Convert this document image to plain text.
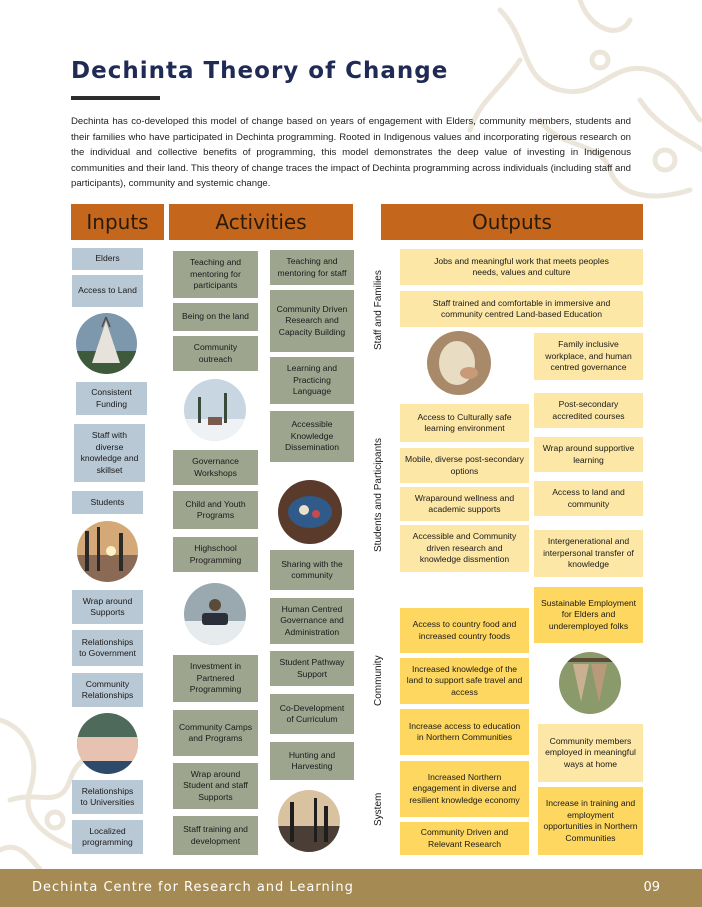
Dechinta Theory of Change

Dechinta has co-developed this model of change based on years of engagement with Elders, community members, students and their families who have participated in Dechinta programming. Rooted in Indigenous values and incorporating rigerous research on the individual and collective benefits of programming, this model demonstrates the deep value of investing in Indigenous communities and their land. This theory of change traces the impact of Dechinta programming across individuals (including staff and participants), community and systemic change.

Inputs	Activities	Outputs
Elders
Access to Land
Consistent Funding
Staff with diverse knowledge and skillset
Students
Wrap around Supports
Relationships to Government
Community Relationships
Relationships to Universities
Localized programming
Teaching and mentoring for participants
Being on the land
Community outreach
Governance Workshops
Child and Youth Programs
Highschool Programming
Investment in Partnered Programming
Community Camps and Programs
Wrap around Student and staff Supports
Staff training and development
Teaching and mentoring for staff
Community Driven Research and Capacity Building
Learning and Practicing Language
Accessible Knowledge Dissemination
Sharing with the community
Human Centred Governance and Administration
Student Pathway Support
Co-Development of Curriculum
Hunting and Harvesting
Staff and Families
Students and Participants
Community
System
Jobs and meaningful work that meets peoples needs, values and culture
Staff trained and comfortable in immersive and community centred Land-based Education
Family inclusive workplace, and human centred governance
Access to Culturally safe learning environment
Mobile, diverse post-secondary options
Wraparound wellness and academic supports
Accessible and Community driven research and knowledge dissmention
Post-secondary accredited courses
Wrap around supportive learning
Access to land and community
Intergenerational and interpersonal transfer of knowledge
Access to country food and increased country foods
Increased knowledge of the land to support safe travel and access
Increase access to education in Northern Communities
Sustainable Employment for Elders and underemployed folks
Community members employed in meaningful ways at home
Increased Northern engagement in diverse and resilient knowledge economy
Community Driven and Relevant Research
Increase in training and employment opportunities in Northern Communities
Dechinta Centre for Research and Learning	09
